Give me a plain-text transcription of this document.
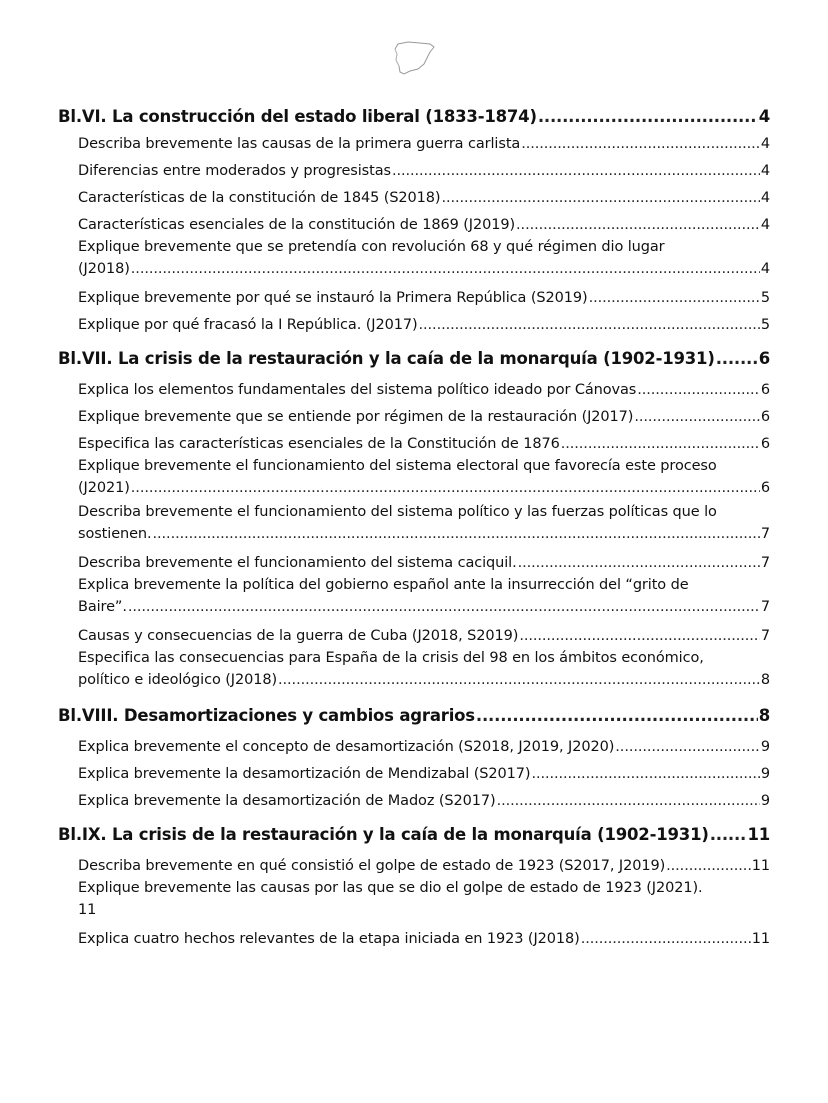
Bl.VI. La construcción del estado liberal (1833-1874) .....	4
Describa brevemente las causas de la primera guerra carlista .....	4
Diferencias entre moderados y progresistas .....	4
Características de la constitución de 1845 (S2018) .....	4
Características esenciales de la constitución de 1869 (J2019) .....	4
Explique brevemente que se pretendía con revolución 68 y qué régimen dio lugar
(J2018) .....	4
Explique brevemente por qué se instauró la Primera República (S2019) .....	5
Explique por qué fracasó la I República. (J2017) .....	5
Bl.VII. La crisis de la restauración y la caía de la monarquía (1902-1931) .....	6
Explica los elementos fundamentales del sistema político ideado por Cánovas .....	6
Explique brevemente que se entiende por régimen de la restauración (J2017) .....	6
Especifica las características esenciales de la Constitución de 1876 .....	6
Explique brevemente el funcionamiento del sistema electoral que favorecía este proceso
(J2021) .....	6
Describa brevemente el funcionamiento del sistema político y las fuerzas políticas que lo
sostienen. .....	7
Describa brevemente el funcionamiento del sistema caciquil. .....	7
Explica brevemente la política del gobierno español ante la insurrección del “grito de
Baire”. .....	7
Causas y consecuencias de la guerra de Cuba (J2018, S2019) .....	7
Especifica las consecuencias para España de la crisis del 98 en los ámbitos económico,
político e ideológico (J2018) .....	8
Bl.VIII. Desamortizaciones y cambios agrarios .....	8
Explica brevemente el concepto de desamortización (S2018, J2019, J2020) .....	9
Explica brevemente la desamortización de Mendizabal (S2017) .....	9
Explica brevemente la desamortización de Madoz (S2017) .....	9
Bl.IX. La crisis de la restauración y la caía de la monarquía (1902-1931) ..... 11
Describa brevemente en qué consistió el golpe de estado de 1923 (S2017, J2019) .....	11
Explique brevemente las causas por las que se dio el golpe de estado de 1923 (J2021).
11
Explica cuatro hechos relevantes de la etapa iniciada en 1923 (J2018) .....	11
